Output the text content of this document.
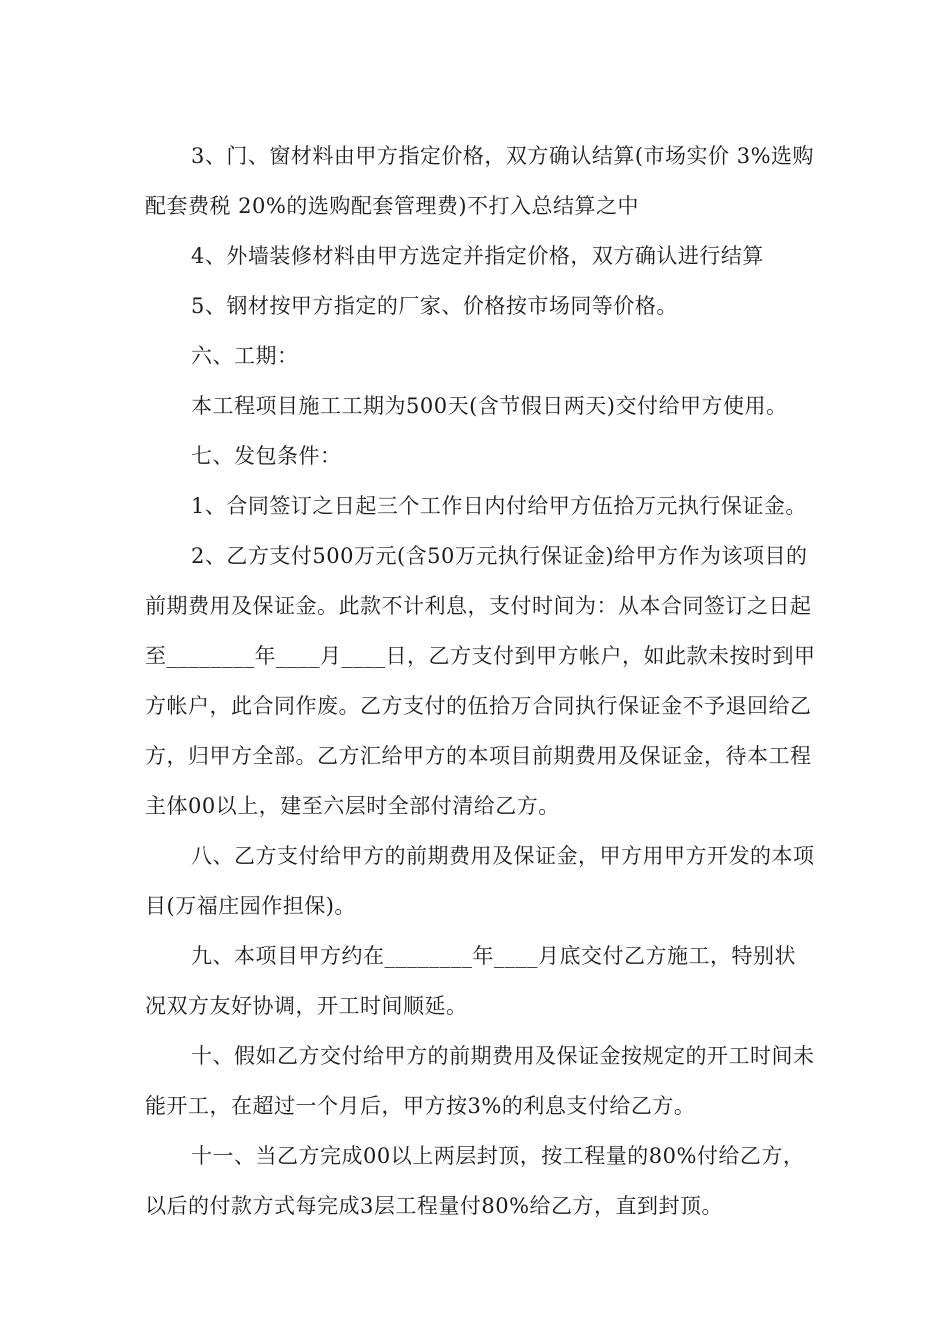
3、门、窗材料由甲方指定价格，双方确认结算(市场实价 3%选购配套费税 20%的选购配套管理费)不打入总结算之中

4、外墙装修材料由甲方选定并指定价格，双方确认进行结算

5、钢材按甲方指定的厂家、价格按市场同等价格。

六、工期：

本工程项目施工工期为500天(含节假日两天)交付给甲方使用。

七、发包条件：

1、合同签订之日起三个工作日内付给甲方伍拾万元执行保证金。

2、乙方支付500万元(含50万元执行保证金)给甲方作为该项目的前期费用及保证金。此款不计利息，支付时间为：从本合同签订之日起至________年____月____日，乙方支付到甲方帐户，如此款未按时到甲方帐户，此合同作废。乙方支付的伍拾万合同执行保证金不予退回给乙方，归甲方全部。乙方汇给甲方的本项目前期费用及保证金，待本工程主体00以上，建至六层时全部付清给乙方。

八、乙方支付给甲方的前期费用及保证金，甲方用甲方开发的本项目(万福庄园作担保)。

九、本项目甲方约在________年____月底交付乙方施工，特别状况双方友好协调，开工时间顺延。

十、假如乙方交付给甲方的前期费用及保证金按规定的开工时间未能开工，在超过一个月后，甲方按3%的利息支付给乙方。

十一、当乙方完成00以上两层封顶，按工程量的80%付给乙方，以后的付款方式每完成3层工程量付80%给乙方，直到封顶。
